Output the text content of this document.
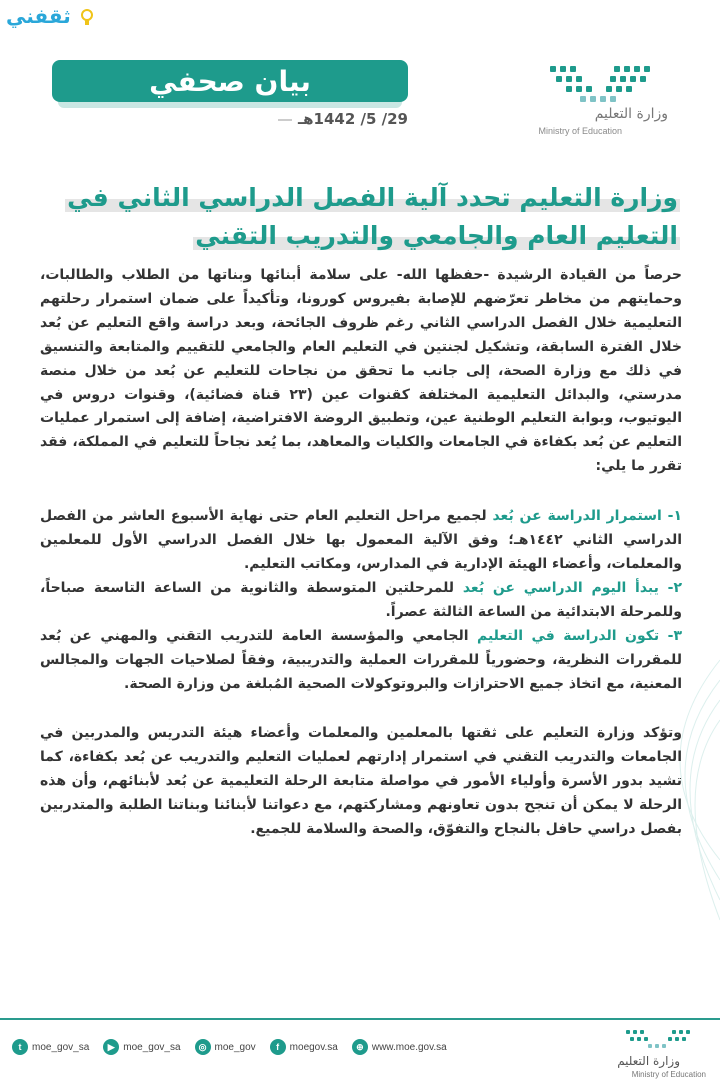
ثقفني
بيان صحفي
29/ 5/ 1442هـ	وزارة التعليم
Ministry of Education
وزارة التعليم تحدد آلية الفصل الدراسي الثاني في
التعليم العام والجامعي والتدريب التقني

حرصاً من القيادة الرشيدة -حفظها الله- على سلامة أبنائها وبناتها من الطلاب والطالبات، وحمايتهم من مخاطر تعرّضهم للإصابة بفيروس كورونا، وتأكيداً على ضمان استمرار رحلتهم التعليمية خلال الفصل الدراسي الثاني رغم ظروف الجائحة، وبعد دراسة واقع التعليم عن بُعد خلال الفترة السابقة، وتشكيل لجنتين في التعليم العام والجامعي للتقييم والمتابعة والتنسيق في ذلك مع وزارة الصحة، إلى جانب ما تحقق من نجاحات للتعليم عن بُعد من خلال منصة مدرستي، والبدائل التعليمية المختلفة كقنوات عين (٢٣ قناة فضائية)، وقنوات دروس في اليوتيوب، وبوابة التعليم الوطنية عين، وتطبيق الروضة الافتراضية، إضافة إلى استمرار عمليات التعليم عن بُعد بكفاءة في الجامعات والكليات والمعاهد، بما يُعد نجاحاً للتعليم في المملكة، فقد تقرر ما يلي:

١- استمرار الدراسة عن بُعد لجميع مراحل التعليم العام حتى نهاية الأسبوع العاشر من الفصل الدراسي الثاني ١٤٤٢هـ؛ وفق الآلية المعمول بها خلال الفصل الدراسي الأول للمعلمين والمعلمات، وأعضاء الهيئة الإدارية في المدارس، ومكاتب التعليم.

٢- يبدأ اليوم الدراسي عن بُعد للمرحلتين المتوسطة والثانوية من الساعة التاسعة صباحاً، وللمرحلة الابتدائية من الساعة الثالثة عصراً.

٣- تكون الدراسة في التعليم الجامعي والمؤسسة العامة للتدريب التقني والمهني عن بُعد للمقررات النظرية، وحضورياً للمقررات العملية والتدريبية، وفقاً لصلاحيات الجهات والمجالس المعنية، مع اتخاذ جميع الاحترازات والبروتوكولات الصحية المُبلغة من وزارة الصحة.

وتؤكد وزارة التعليم على ثقتها بالمعلمين والمعلمات وأعضاء هيئة التدريس والمدربين في الجامعات والتدريب التقني في استمرار إدارتهم لعمليات التعليم والتدريب عن بُعد بكفاءة، كما تشيد بدور الأسرة وأولياء الأمور في مواصلة متابعة الرحلة التعليمية عن بُعد لأبنائهم، وأن هذه الرحلة لا يمكن أن تنجح بدون تعاونهم ومشاركتهم، مع دعواتنا لأبنائنا وبناتنا الطلبة والمتدربين بفصل دراسي حافل بالنجاح والتفوّق، والصحة والسلامة للجميع.

t	moe_gov_sa	▶ moe_gov_sa	◎ moe_gov	f	moegov.sa	⊕ www.moe.gov.sa
وزارة التعليم
Ministry of Education
